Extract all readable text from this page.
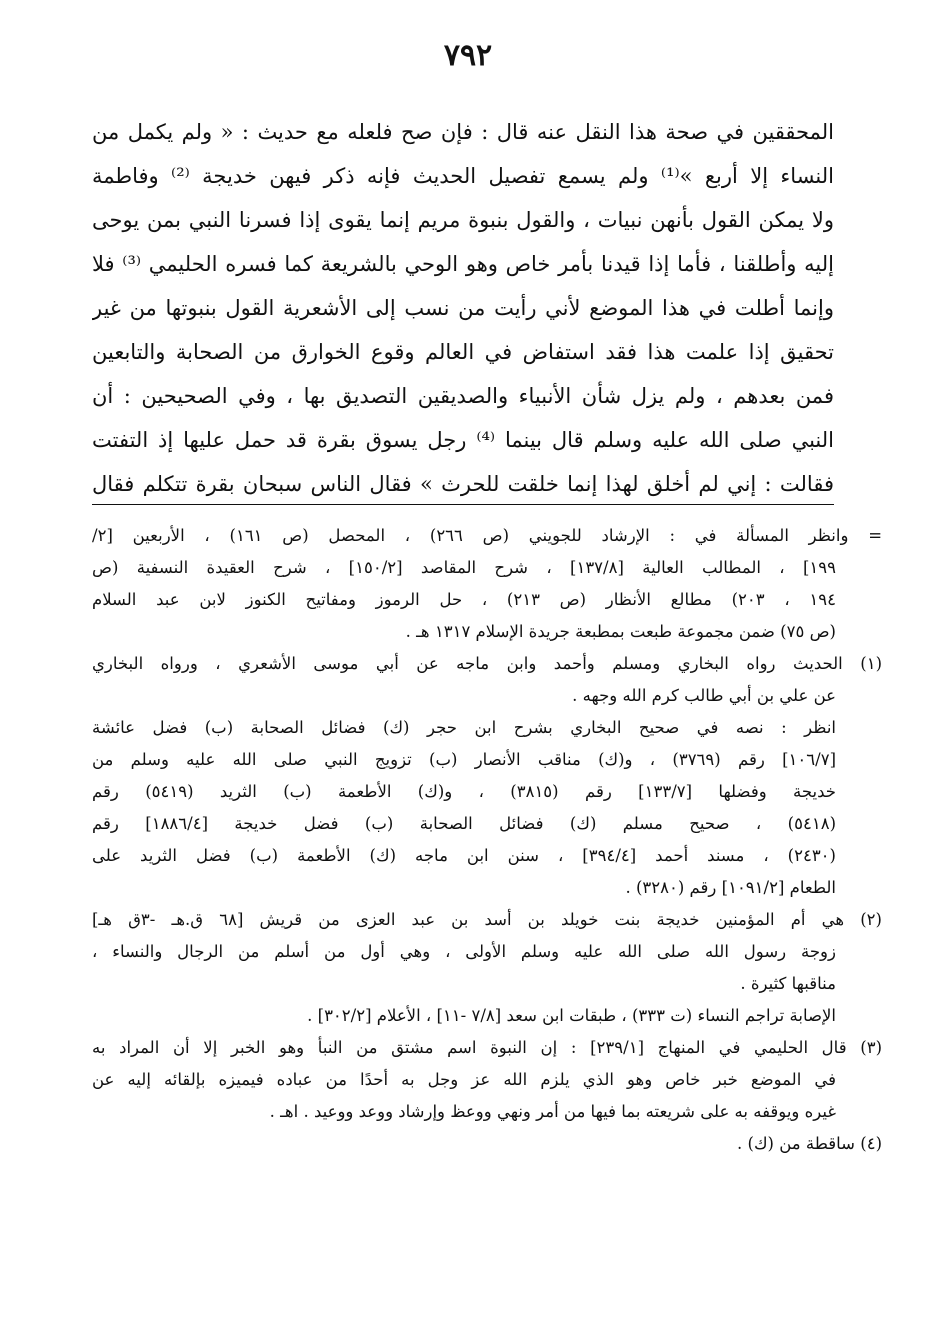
٧٩٢
المحققين في صحة هذا النقل عنه قال : فإن صح فلعله مع حديث : « ولم يكمل من
النساء إلا أربع »⁽¹⁾ ولم يسمع تفصيل الحديث فإنه ذكر فيهن خديجة ⁽²⁾ وفاطمة
ولا يمكن القول بأنهن نبيات ، والقول بنبوة مريم إنما يقوى إذا فسرنا النبي بمن يوحى
إليه وأطلقنا ، فأما إذا قيدنا بأمر خاص وهو الوحي بالشريعة كما فسره الحليمي ⁽³⁾ فلا
وإنما أطلت في هذا الموضع لأني رأيت من نسب إلى الأشعرية القول بنبوتها من غير
تحقيق إذا علمت هذا فقد استفاض في العالم وقوع الخوارق من الصحابة والتابعين
فمن بعدهم ، ولم يزل شأن الأنبياء والصديقين التصديق بها ، وفي الصحيحين : أن
النبي صلى الله عليه وسلم قال بينما ⁽⁴⁾ رجل يسوق بقرة قد حمل عليها إذ التفتت
فقالت : إني لم أخلق لهذا إنما خلقت للحرث » فقال الناس سبحان بقرة تتكلم فقال
= وانظر المسألة في : الإرشاد للجويني (ص ٢٦٦) ، المحصل (ص ١٦١) ، الأربعين [٢/
١٩٩] ، المطالب العالية [١٣٧/٨] ، شرح المقاصد [١٥٠/٢] ، شرح العقيدة النسفية (ص
١٩٤ ، ٢٠٣) مطالع الأنظار (ص ٢١٣) ، حل الرموز ومفاتيح الكنوز لابن عبد السلام
(ص ٧٥) ضمن مجموعة طبعت بمطبعة جريدة الإسلام ١٣١٧ هـ .
(١) الحديث رواه البخاري ومسلم وأحمد وابن ماجه عن أبي موسى الأشعري ، ورواه البخاري
عن علي بن أبي طالب كرم الله وجهه .
انظر : نصه في صحيح البخاري بشرح ابن حجر (ك) فضائل الصحابة (ب) فضل عائشة
[١٠٦/٧] رقم (٣٧٦٩) ، و(ك) مناقب الأنصار (ب) تزويج النبي صلى الله عليه وسلم من
خديجة وفضلها [١٣٣/٧] رقم (٣٨١٥) ، و(ك) الأطعمة (ب) الثريد (٥٤١٩) رقم
(٥٤١٨) ، صحيح مسلم (ك) فضائل الصحابة (ب) فضل خديجة [١٨٨٦/٤] رقم
(٢٤٣٠) ، مسند أحمد [٣٩٤/٤] ، سنن ابن ماجه (ك) الأطعمة (ب) فضل الثريد على
الطعام [١٠٩١/٢] رقم (٣٢٨٠) .
(٢) هي أم المؤمنين خديجة بنت خويلد بن أسد بن عبد العزى من قريش [٦٨ ق.هـ -٣ق هـ]
زوجة رسول الله صلى الله عليه وسلم الأولى ، وهي أول من أسلم من الرجال والنساء ،
مناقبها كثيرة .
الإصابة تراجم النساء (ت ٣٣٣) ، طبقات ابن سعد [٧/٨ -١١] ، الأعلام [٣٠٢/٢] .
(٣) قال الحليمي في المنهاج [٢٣٩/١] : إن النبوة اسم مشتق من النبأ وهو الخبر إلا أن المراد به
في الموضع خبر خاص وهو الذي يلزم الله عز وجل به أحدًا من عباده فيميزه بإلقائه إليه عن
غيره ويوقفه به على شريعته بما فيها من أمر ونهي ووعظ وإرشاد ووعد ووعيد . اهـ .
(٤) ساقطة من (ك) .
